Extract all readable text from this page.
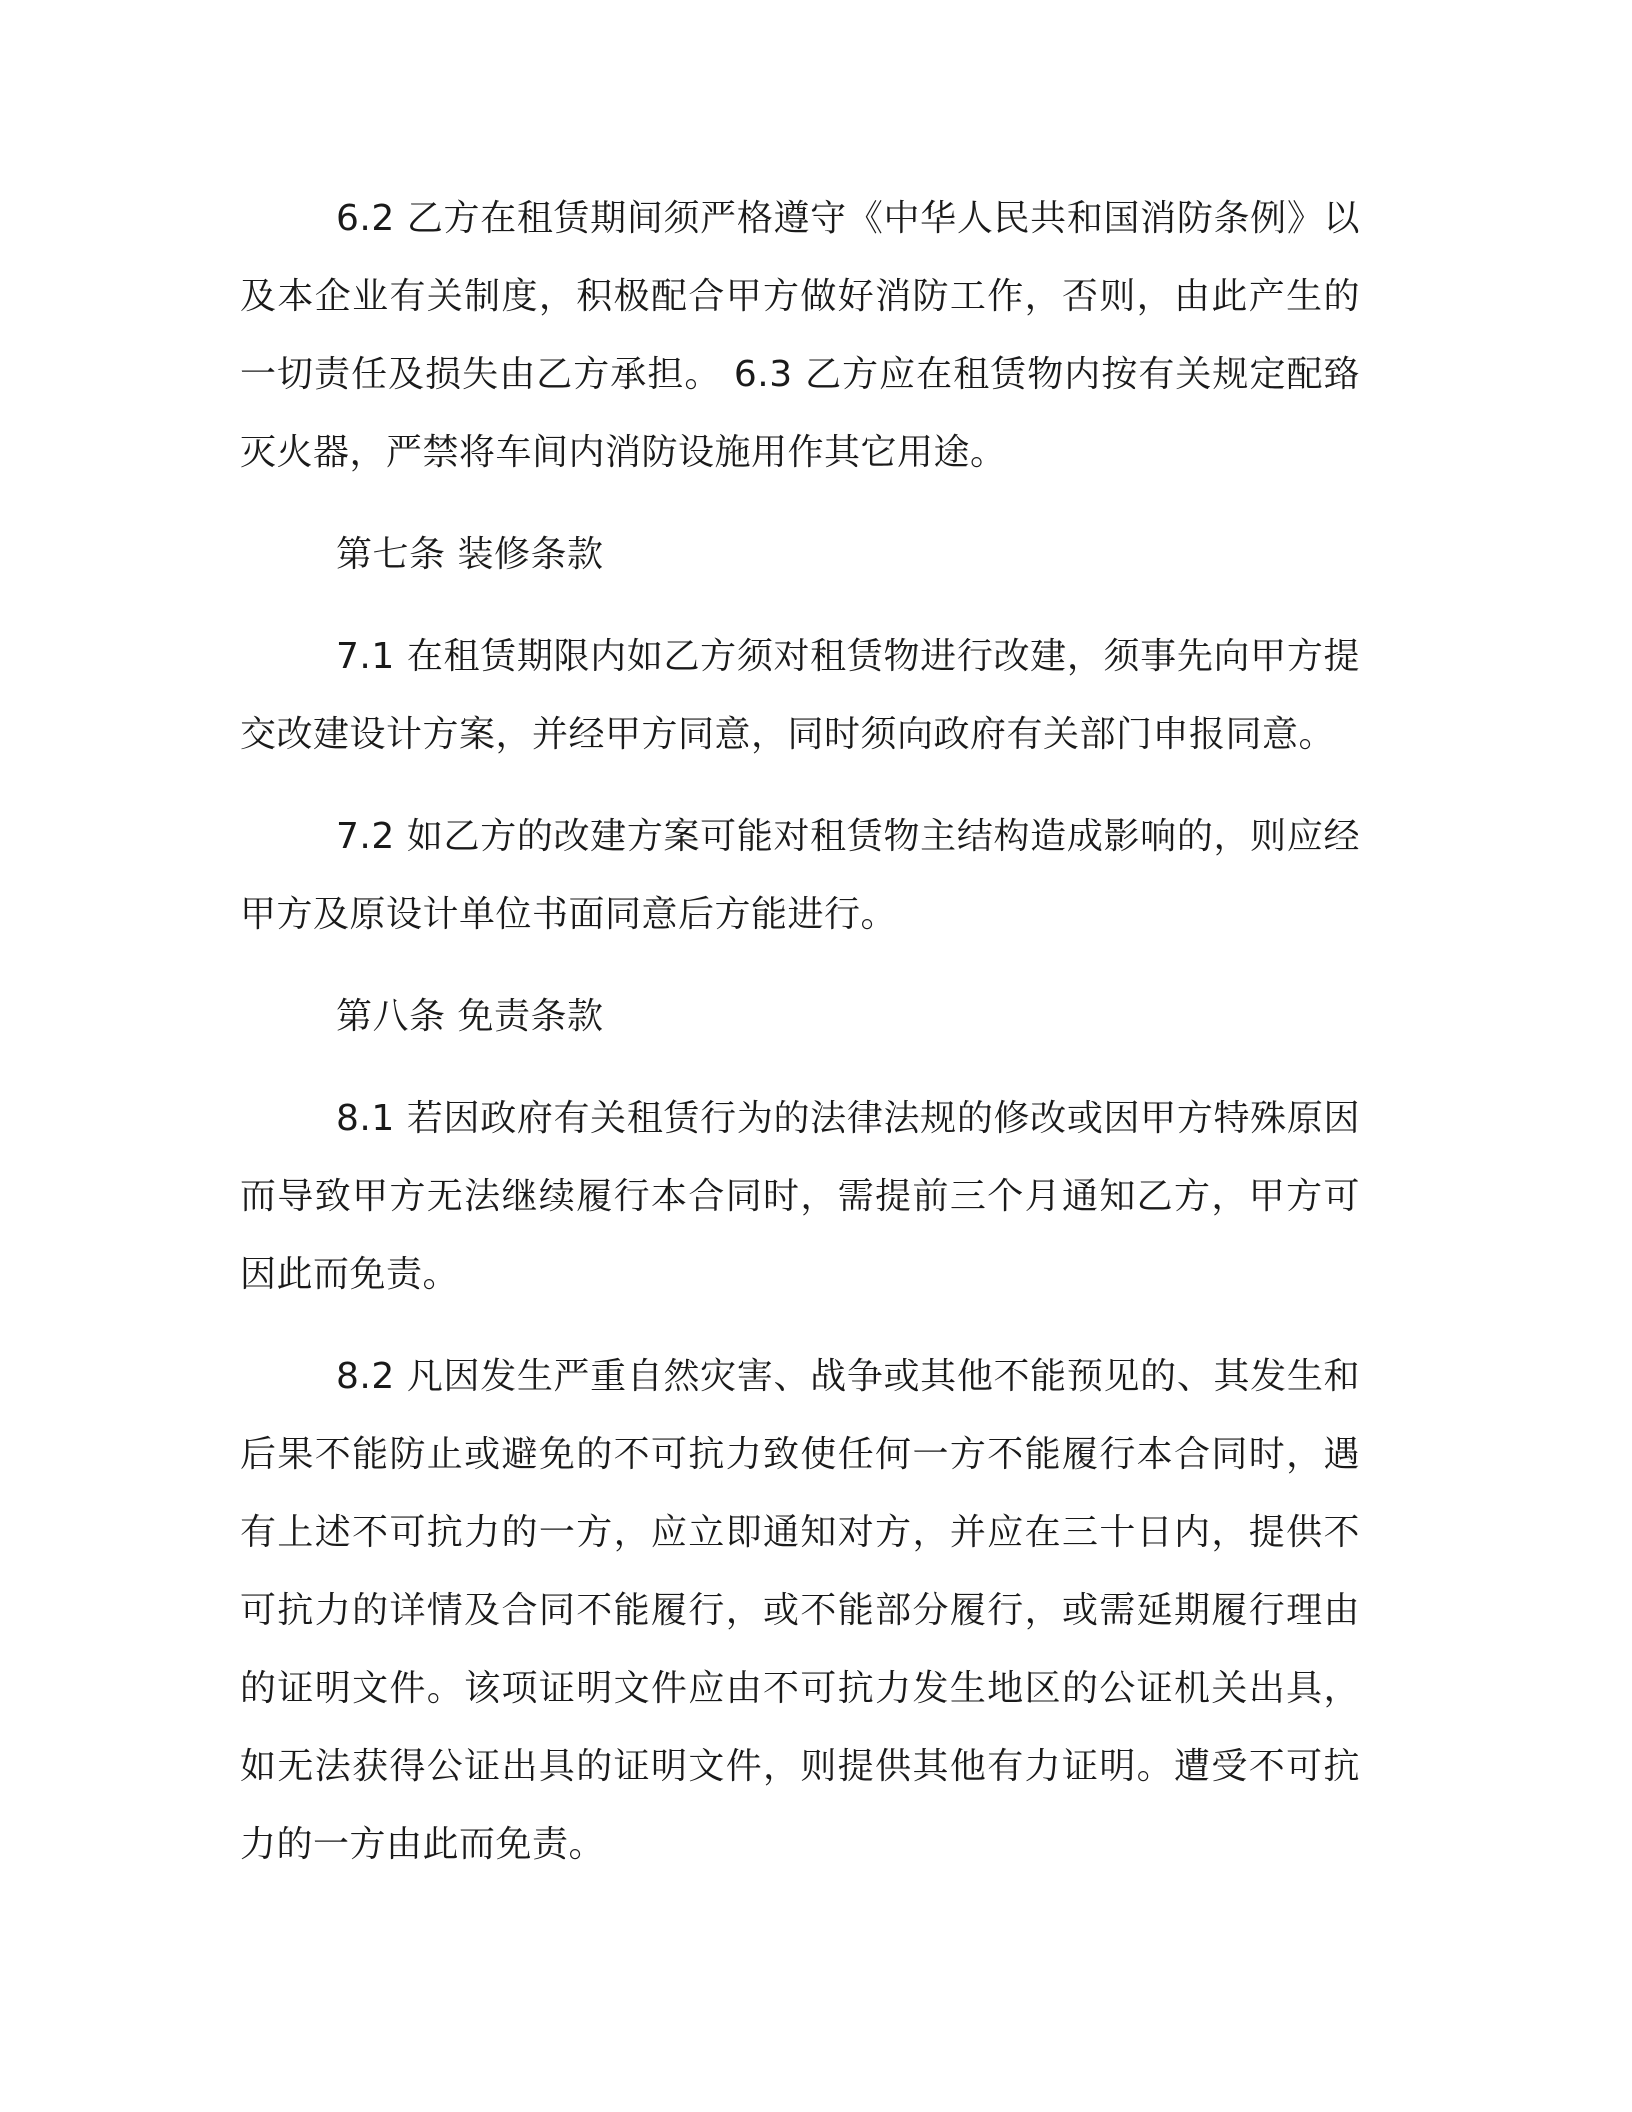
6.2 乙方在租赁期间须严格遵守《中华人民共和国消防条例》以及本企业有关制度，积极配合甲方做好消防工作，否则，由此产生的一切责任及损失由乙方承担。 6.3 乙方应在租赁物内按有关规定配臵灭火器，严禁将车间内消防设施用作其它用途。

第七条 装修条款

7.1 在租赁期限内如乙方须对租赁物进行改建，须事先向甲方提交改建设计方案，并经甲方同意，同时须向政府有关部门申报同意。

7.2 如乙方的改建方案可能对租赁物主结构造成影响的，则应经甲方及原设计单位书面同意后方能进行。

第八条 免责条款

8.1 若因政府有关租赁行为的法律法规的修改或因甲方特殊原因而导致甲方无法继续履行本合同时，需提前三个月通知乙方，甲方可因此而免责。

8.2 凡因发生严重自然灾害、战争或其他不能预见的、其发生和后果不能防止或避免的不可抗力致使任何一方不能履行本合同时，遇有上述不可抗力的一方，应立即通知对方，并应在三十日内，提供不可抗力的详情及合同不能履行，或不能部分履行，或需延期履行理由的证明文件。该项证明文件应由不可抗力发生地区的公证机关出具，如无法获得公证出具的证明文件，则提供其他有力证明。遭受不可抗力的一方由此而免责。
